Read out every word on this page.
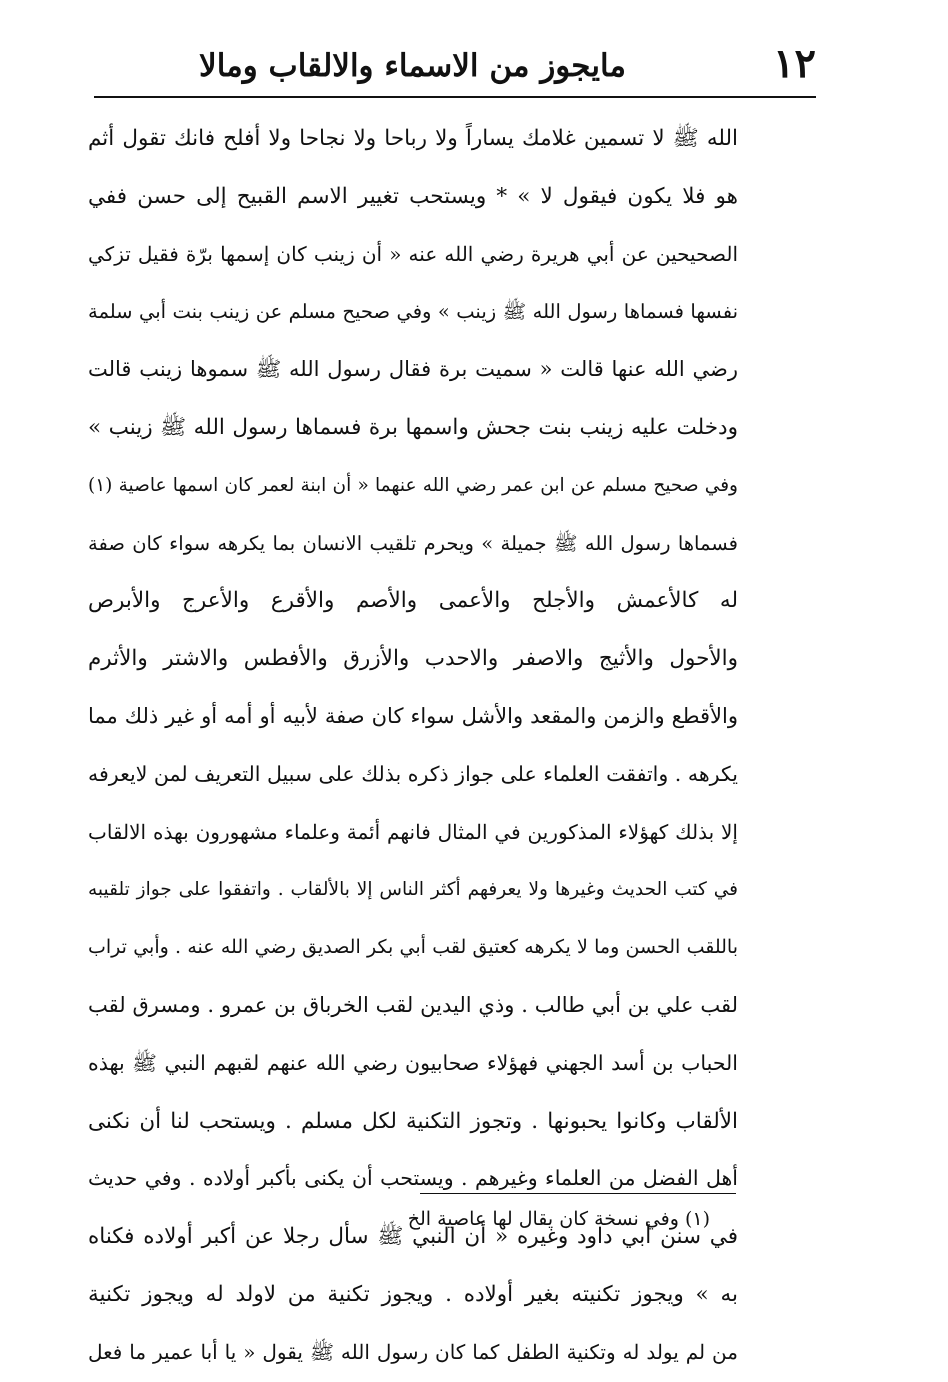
١٢
مايجوز من الاسماء والالقاب ومالا
الله ﷺ لا تسمين غلامك يساراً ولا رباحا ولا نجاحا ولا أفلح فانك تقول أثم
هو فلا يكون فيقول لا » * ويستحب تغيير الاسم القبيح إلى حسن ففي
الصحيحين عن أبي هريرة رضي الله عنه « أن زينب كان إسمها برّة فقيل تزكي
نفسها فسماها رسول الله ﷺ زينب » وفي صحيح مسلم عن زينب بنت أبي سلمة
رضي الله عنها قالت « سميت برة فقال رسول الله ﷺ سموها زينب قالت
ودخلت عليه زينب بنت جحش واسمها برة فسماها رسول الله ﷺ زينب »
وفي صحيح مسلم عن ابن عمر رضي الله عنهما « أن ابنة لعمر كان اسمها عاصية (١)
فسماها رسول الله ﷺ جميلة » ويحرم تلقيب الانسان بما يكرهه سواء كان صفة
له كالأعمش والأجلح والأعمى والأصم والأقرع والأعرج والأبرص
والأحول والأثيج والاصفر والاحدب والأزرق والأفطس والاشتر والأثرم
والأقطع والزمن والمقعد والأشل سواء كان صفة لأبيه أو أمه أو غير ذلك مما
يكرهه . واتفقت العلماء على جواز ذكره بذلك على سبيل التعريف لمن لايعرفه
إلا بذلك كهؤلاء المذكورين في المثال فانهم أئمة وعلماء مشهورون بهذه الالقاب
في كتب الحديث وغيرها ولا يعرفهم أكثر الناس إلا بالألقاب . واتفقوا على جواز تلقيبه
باللقب الحسن وما لا يكرهه كعتيق لقب أبي بكر الصديق رضي الله عنه . وأبي تراب
لقب علي بن أبي طالب . وذي اليدين لقب الخرباق بن عمرو . ومسرق لقب
الحباب بن أسد الجهني فهؤلاء صحابيون رضي الله عنهم لقبهم النبي ﷺ بهذه
الألقاب وكانوا يحبونها . وتجوز التكنية لكل مسلم . ويستحب لنا أن نكنى
أهل الفضل من العلماء وغيرهم . ويستحب أن يكنى بأكبر أولاده . وفي حديث
في سنن أبي داود وغيره « أن النبي ﷺ سأل رجلا عن أكبر أولاده فكناه
به » ويجوز تكنيته بغير أولاده . ويجوز تكنية من لاولد له ويجوز تكنية
من لم يولد له وتكنية الطفل كما كان رسول الله ﷺ يقول « يا أبا عمير ما فعل
(١) وفي نسخة كان يقال لها عاصية الخ
